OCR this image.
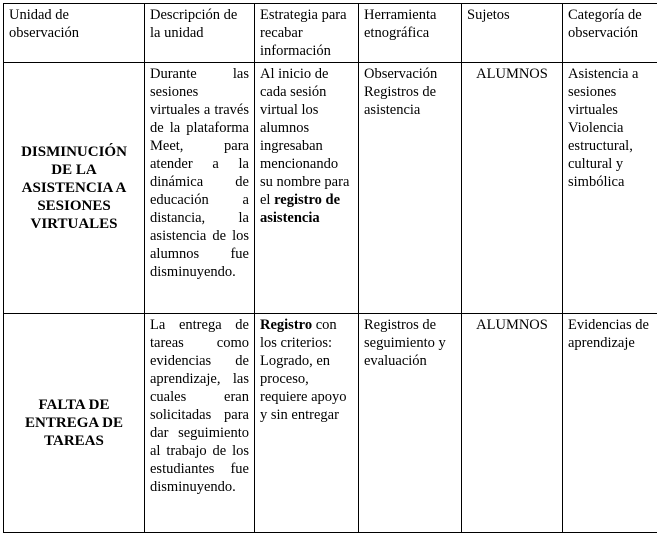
Unidad de observación	Descripción de la unidad	Estrategia para recabar información	Herramienta etnográfica	Sujetos	Categoría de observación
DISMINUCIÓN DE LA ASISTENCIA A SESIONES VIRTUALES	Durante las sesiones virtuales a través de la plataforma Meet, para atender a la dinámica de educación a distancia, la asistencia de los alumnos fue disminuyendo.	Al inicio de cada sesión virtual los alumnos ingresaban mencionando su nombre para el registro de asistencia	Observación Registros de asistencia	ALUMNOS	Asistencia a sesiones virtuales Violencia estructural, cultural y simbólica
FALTA DE ENTREGA DE TAREAS	La entrega de tareas como evidencias de aprendizaje, las cuales eran solicitadas para dar seguimiento al trabajo de los estudiantes fue disminuyendo.	Registro con los criterios: Logrado, en proceso, requiere apoyo y sin entregar	Registros de seguimiento y evaluación	ALUMNOS	Evidencias de aprendizaje
